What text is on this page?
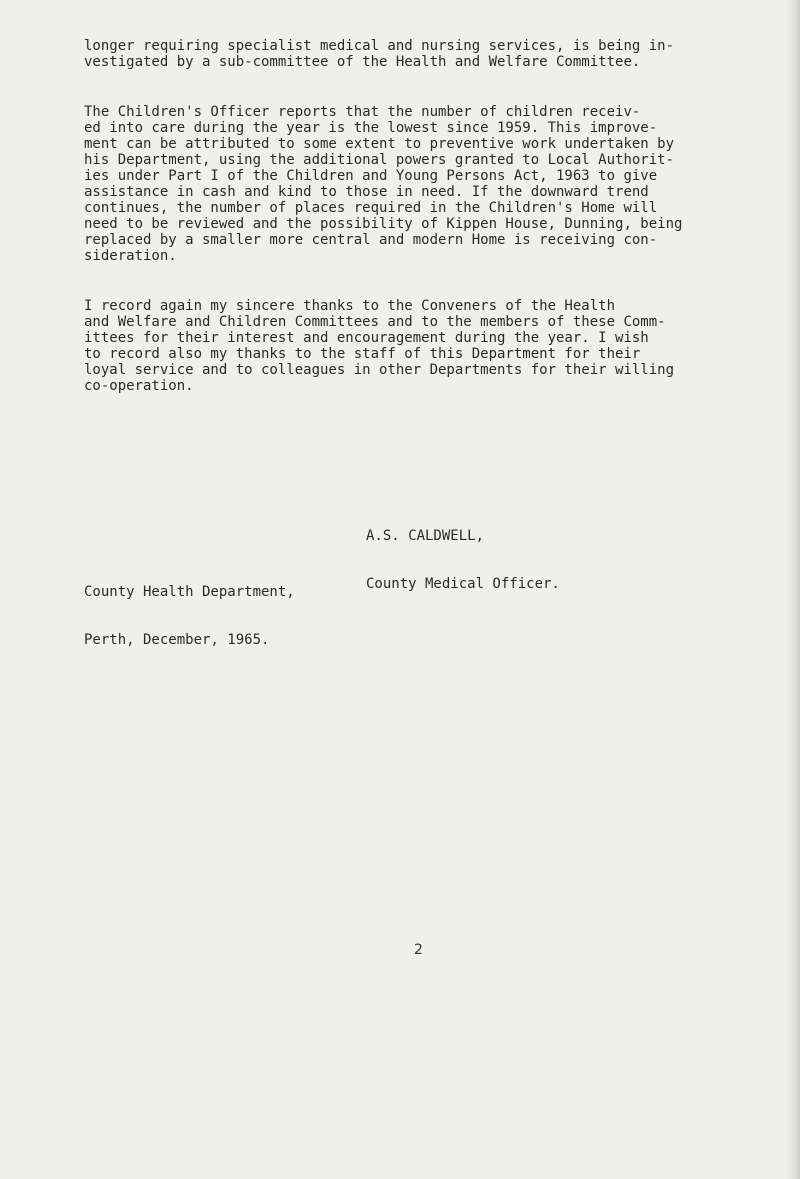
longer requiring specialist medical and nursing services, is being in-
vestigated by a sub-committee of the Health and Welfare Committee.

The Children's Officer reports that the number of children receiv-
ed into care during the year is the lowest since 1959. This improve-
ment can be attributed to some extent to preventive work undertaken by
his Department, using the additional powers granted to Local Authorit-
ies under Part I of the Children and Young Persons Act, 1963 to give
assistance in cash and kind to those in need. If the downward trend
continues, the number of places required in the Children's Home will
need to be reviewed and the possibility of Kippen House, Dunning, being
replaced by a smaller more central and modern Home is receiving con-
sideration.

I record again my sincere thanks to the Conveners of the Health
and Welfare and Children Committees and to the members of these Comm-
ittees for their interest and encouragement during the year. I wish
to record also my thanks to the staff of this Department for their
loyal service and to colleagues in other Departments for their willing
co-operation.

A.S. CALDWELL,

County Medical Officer.

County Health Department,

Perth, December, 1965.

2
